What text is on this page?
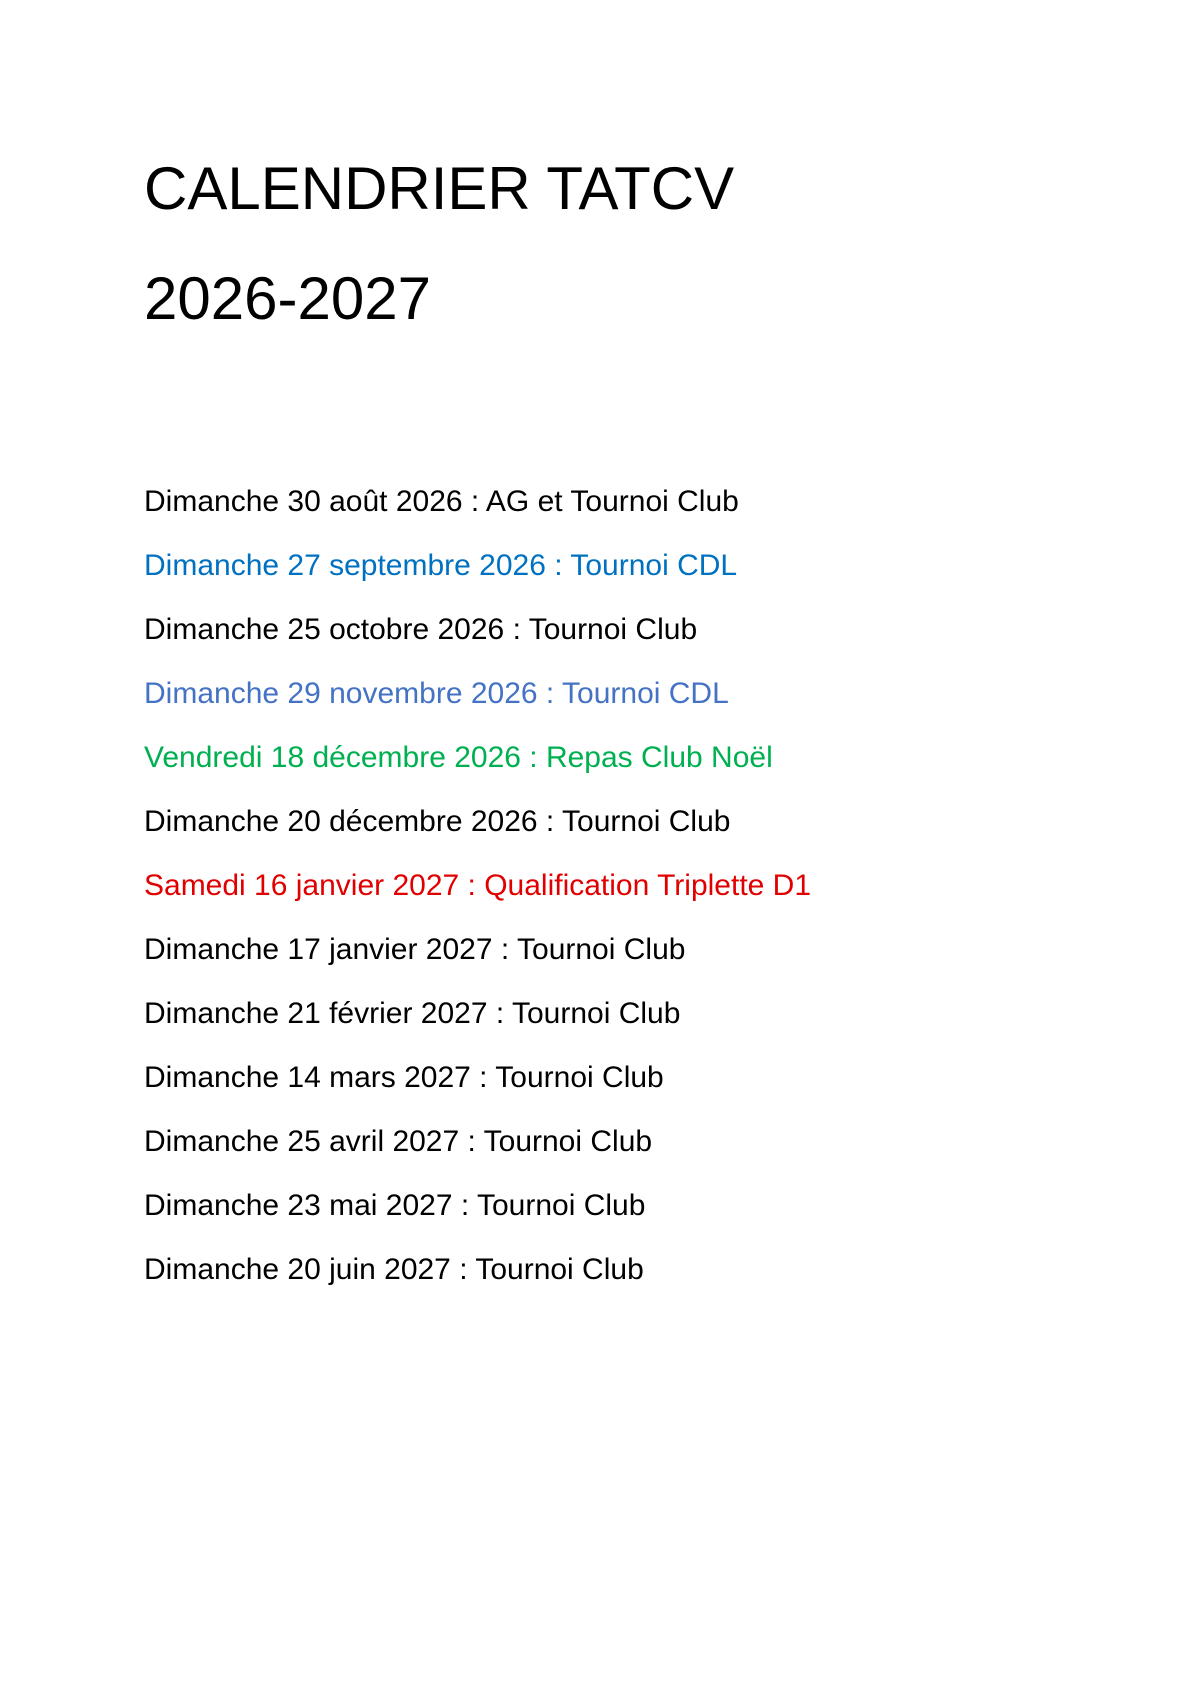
CALENDRIER TATCV
2026-2027
Dimanche 30 août 2026 : AG et Tournoi Club
Dimanche 27 septembre 2026 : Tournoi CDL
Dimanche 25 octobre 2026 : Tournoi Club
Dimanche 29 novembre 2026 : Tournoi CDL
Vendredi 18 décembre 2026 : Repas Club Noël
Dimanche 20 décembre 2026 : Tournoi Club
Samedi 16 janvier 2027 : Qualification Triplette D1
Dimanche 17 janvier 2027 : Tournoi Club
Dimanche 21 février 2027 : Tournoi Club
Dimanche 14 mars 2027 : Tournoi Club
Dimanche 25 avril 2027 : Tournoi Club
Dimanche 23 mai 2027 : Tournoi Club
Dimanche 20 juin 2027 : Tournoi Club
